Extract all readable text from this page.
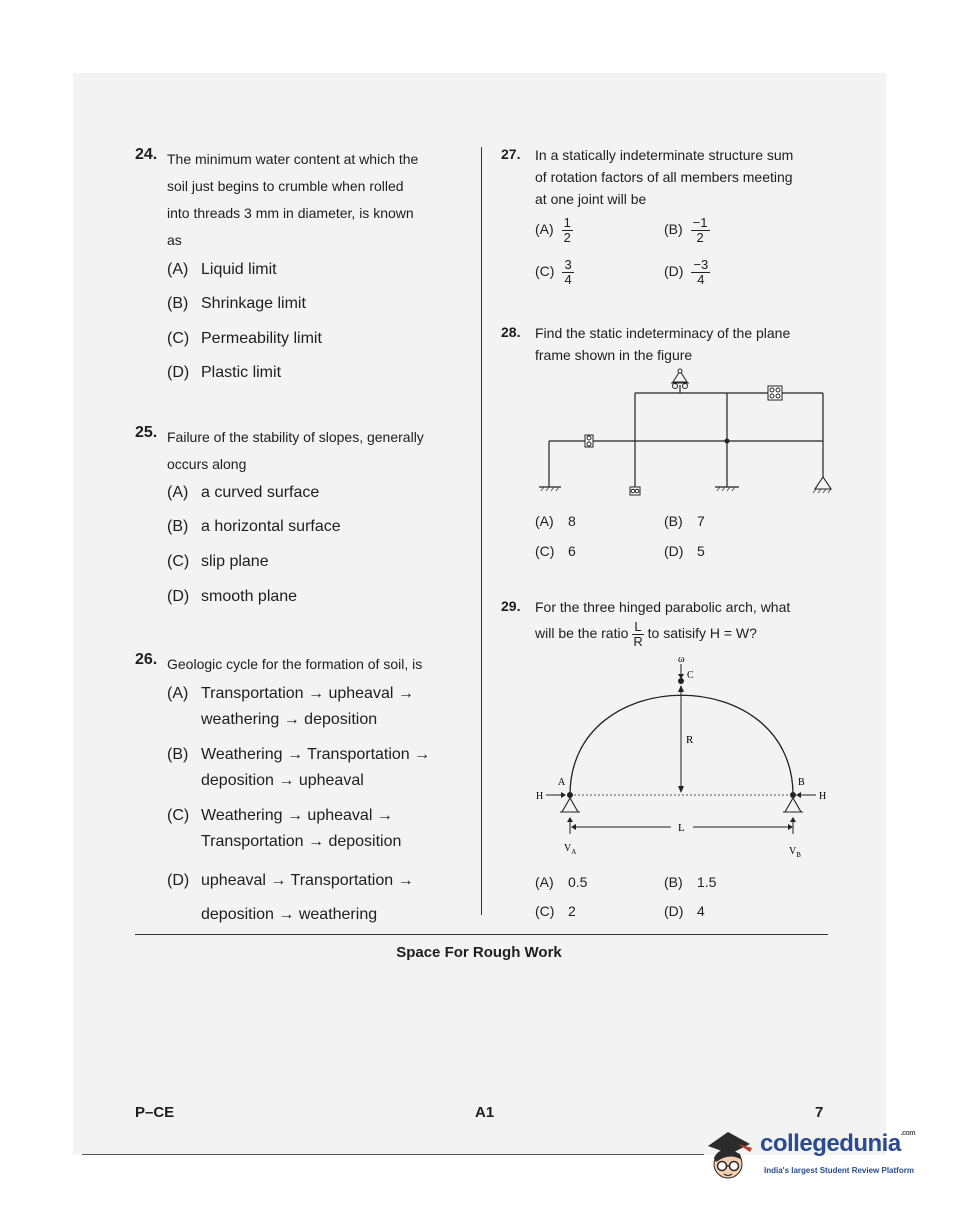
24. The minimum water content at which the
soil just begins to crumble when rolled
into threads 3 mm in diameter, is known
as
(A) Liquid limit
(B) Shrinkage limit
(C) Permeability limit
(D) Plastic limit
25. Failure of the stability of slopes, generally
occurs along
(A) a curved surface
(B) a horizontal surface
(C) slip plane
(D) smooth plane
26. Geologic cycle for the formation of soil, is
(A) Transportation → upheaval →
weathering → deposition
(B) Weathering → Transportation →
deposition → upheaval
(C) Weathering → upheaval →
Transportation → deposition
(D) upheaval → Transportation →
deposition → weathering
27. In a statically indeterminate structure sum
of rotation factors of all members meeting
at one joint will be
$(A) \frac{1}{2}$	$(B) \frac{-1}{2}$
$(C) \frac{3}{4}$	$(D) \frac{-3}{4}$
28. Find the static indeterminacy of the plane
frame shown in the figure
(A) 8	(B) 7
(C) 6	(D) 5
29. For the three hinged parabolic arch, what
will be the ratio $\frac{L}{R}$ to satisify H = W?
ω
C
R
A	B
H	H
L
$V_A$	$V_B$
(A) 0.5	(B) 1.5
(C) 2	(D) 4
Space For Rough Work
P–CE	A1	7
collegedunia$^{.com}$
India's largest Student Review Platform
